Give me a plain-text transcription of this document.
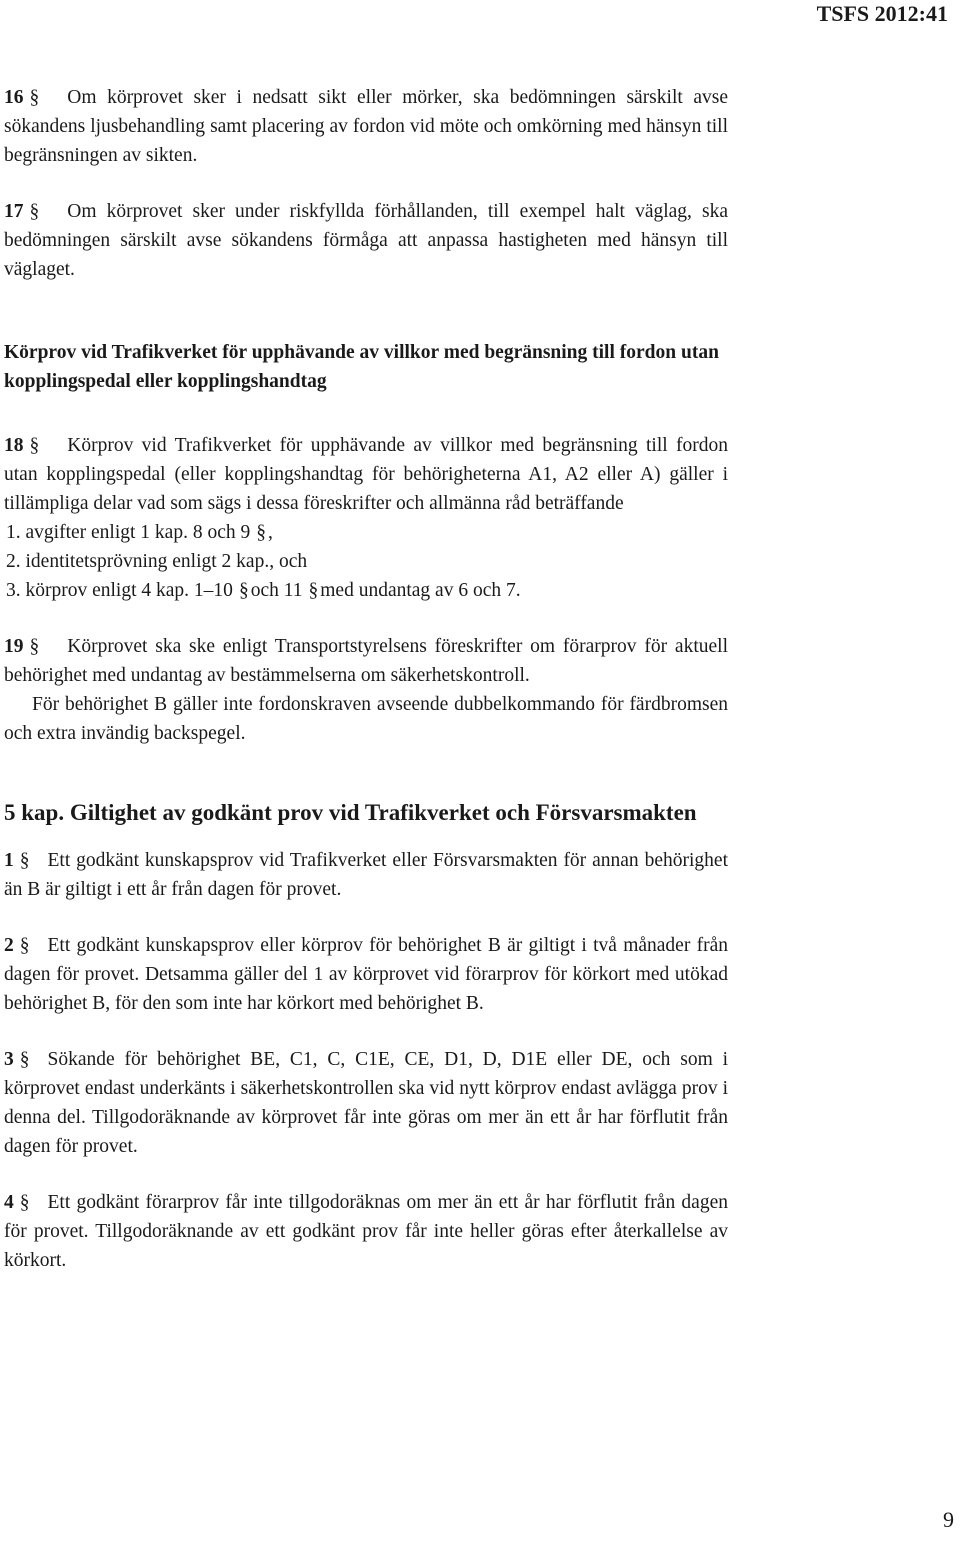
TSFS 2012:41

16 § Om körprovet sker i nedsatt sikt eller mörker, ska bedömningen särskilt avse sökandens ljusbehandling samt placering av fordon vid möte och omkörning med hänsyn till begränsningen av sikten.

17 § Om körprovet sker under riskfyllda förhållanden, till exempel halt väglag, ska bedömningen särskilt avse sökandens förmåga att anpassa hastigheten med hänsyn till väglaget.

Körprov vid Trafikverket för upphävande av villkor med begränsning till fordon utan kopplingspedal eller kopplingshandtag

18 § Körprov vid Trafikverket för upphävande av villkor med begränsning till fordon utan kopplingspedal (eller kopplingshandtag för behörigheterna A1, A2 eller A) gäller i tillämpliga delar vad som sägs i dessa föreskrifter och allmänna råd beträffande

1. avgifter enligt 1 kap. 8 och 9 § ,

2. identitetsprövning enligt 2 kap., och

3. körprov enligt 4 kap. 1–10 § och 11 § med undantag av 6 och 7.

19 § Körprovet ska ske enligt Transportstyrelsens föreskrifter om förarprov för aktuell behörighet med undantag av bestämmelserna om säkerhetskontroll.

För behörighet B gäller inte fordonskraven avseende dubbelkommando för färdbromsen och extra invändig backspegel.

5 kap. Giltighet av godkänt prov vid Trafikverket och Försvarsmakten

1 § Ett godkänt kunskapsprov vid Trafikverket eller Försvarsmakten för annan behörighet än B är giltigt i ett år från dagen för provet.

2 § Ett godkänt kunskapsprov eller körprov för behörighet B är giltigt i två månader från dagen för provet. Detsamma gäller del 1 av körprovet vid förarprov för körkort med utökad behörighet B, för den som inte har körkort med behörighet B.

3 § Sökande för behörighet BE, C1, C, C1E, CE, D1, D, D1E eller DE, och som i körprovet endast underkänts i säkerhetskontrollen ska vid nytt körprov endast avlägga prov i denna del. Tillgodoräknande av körprovet får inte göras om mer än ett år har förflutit från dagen för provet.

4 § Ett godkänt förarprov får inte tillgodoräknas om mer än ett år har förflutit från dagen för provet. Tillgodoräknande av ett godkänt prov får inte heller göras efter återkallelse av körkort.

9
